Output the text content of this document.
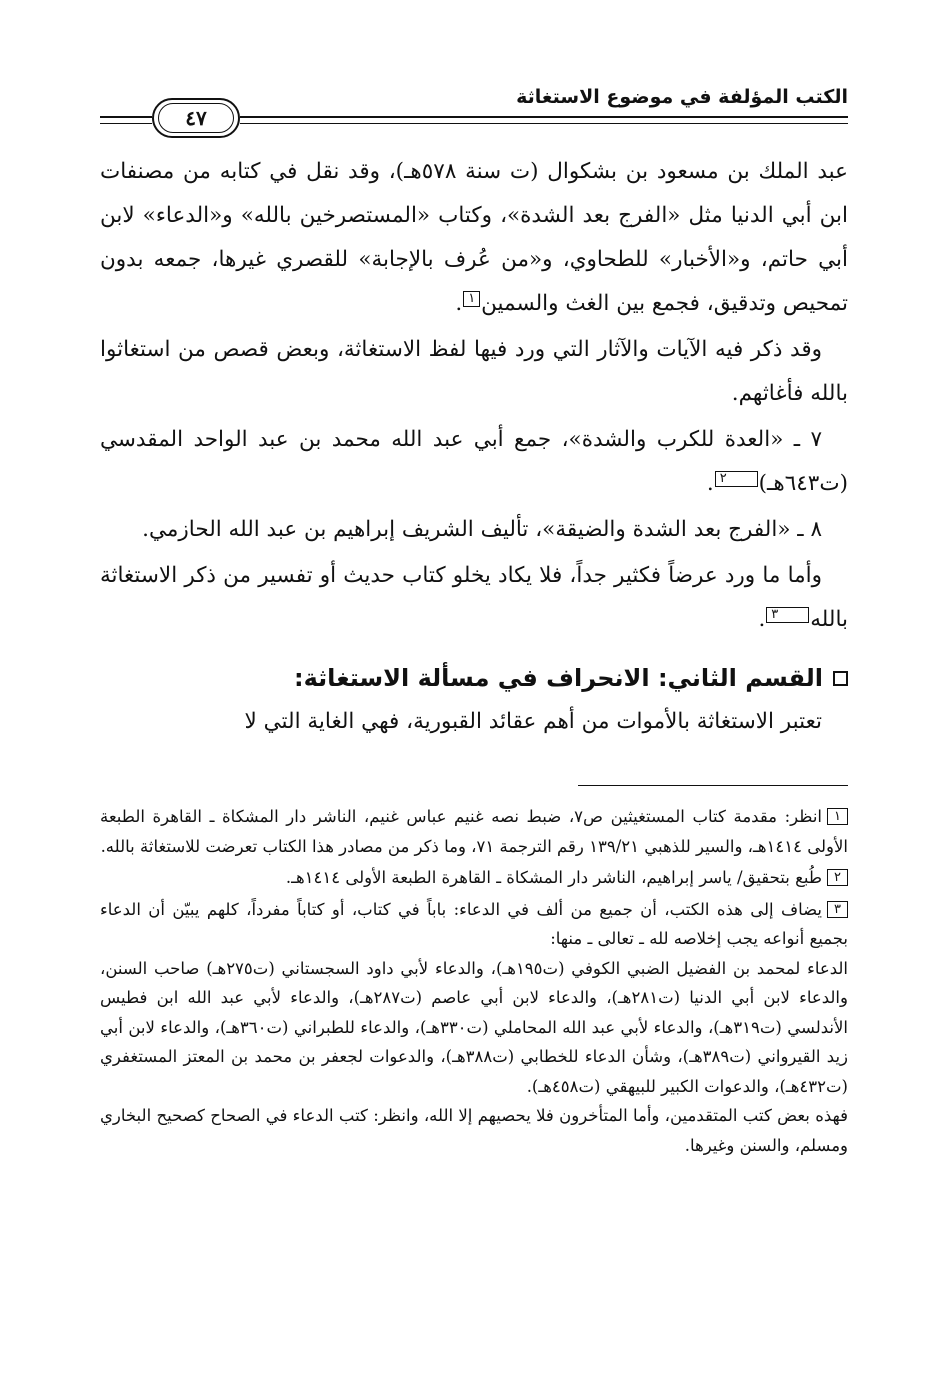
الكتب المؤلفة في موضوع الاستغاثة
٤٧

عبد الملك بن مسعود بن بشكوال (ت سنة ٥٧٨هـ)، وقد نقل في كتابه من مصنفات ابن أبي الدنيا مثل «الفرج بعد الشدة»، وكتاب «المستصرخين بالله» و«الدعاء» لابن أبي حاتم، و«الأخبار» للطحاوي، و«من عُرف بالإجابة» للقصري غيرها، جمعه بدون تمحيص وتدقيق، فجمع بين الغث والسمين١.

وقد ذكر فيه الآيات والآثار التي ورد فيها لفظ الاستغاثة، وبعض قصص من استغاثوا بالله فأغاثهم.

٧ ـ «العدة للكرب والشدة»، جمع أبي عبد الله محمد بن عبد الواحد المقدسي (ت٦٤٣هـ)٢.

٨ ـ «الفرج بعد الشدة والضيقة»، تأليف الشريف إبراهيم بن عبد الله الحازمي.

وأما ما ورد عرضاً فكثير جداً، فلا يكاد يخلو كتاب حديث أو تفسير من ذكر الاستغاثة بالله٣.

القسم الثاني: الانحراف في مسألة الاستغاثة:

تعتبر الاستغاثة بالأموات من أهم عقائد القبورية، فهي الغاية التي لا

١انظر: مقدمة كتاب المستغيثين ص٧، ضبط نصه غنيم عباس غنيم، الناشر دار المشكاة ـ القاهرة الطبعة الأولى ١٤١٤هـ، والسير للذهبي ١٣٩/٢١ رقم الترجمة ٧١، وما ذكر من مصادر هذا الكتاب تعرضت للاستغاثة بالله.

٢طُبع بتحقيق/ ياسر إبراهيم، الناشر دار المشكاة ـ القاهرة الطبعة الأولى ١٤١٤هـ.

٣يضاف إلى هذه الكتب، أن جميع من ألف في الدعاء: باباً في كتاب، أو كتاباً مفرداً، كلهم يبيّن أن الدعاء بجميع أنواعه يجب إخلاصه لله ـ تعالى ـ منها:

الدعاء لمحمد بن الفضيل الضبي الكوفي (ت١٩٥هـ)، والدعاء لأبي داود السجستاني (ت٢٧٥هـ) صاحب السنن، والدعاء لابن أبي الدنيا (ت٢٨١هـ)، والدعاء لابن أبي عاصم (ت٢٨٧هـ)، والدعاء لأبي عبد الله ابن فطيس الأندلسي (ت٣١٩هـ)، والدعاء لأبي عبد الله المحاملي (ت٣٣٠هـ)، والدعاء للطبراني (ت٣٦٠هـ)، والدعاء لابن أبي زيد القيرواني (ت٣٨٩هـ)، وشأن الدعاء للخطابي (ت٣٨٨هـ)، والدعوات لجعفر بن محمد بن المعتز المستغفري (ت٤٣٢هـ)، والدعوات الكبير للبيهقي (ت٤٥٨هـ).

فهذه بعض كتب المتقدمين، وأما المتأخرون فلا يحصيهم إلا الله، وانظر: كتب الدعاء في الصحاح كصحيح البخاري ومسلم، والسنن وغيرها.
